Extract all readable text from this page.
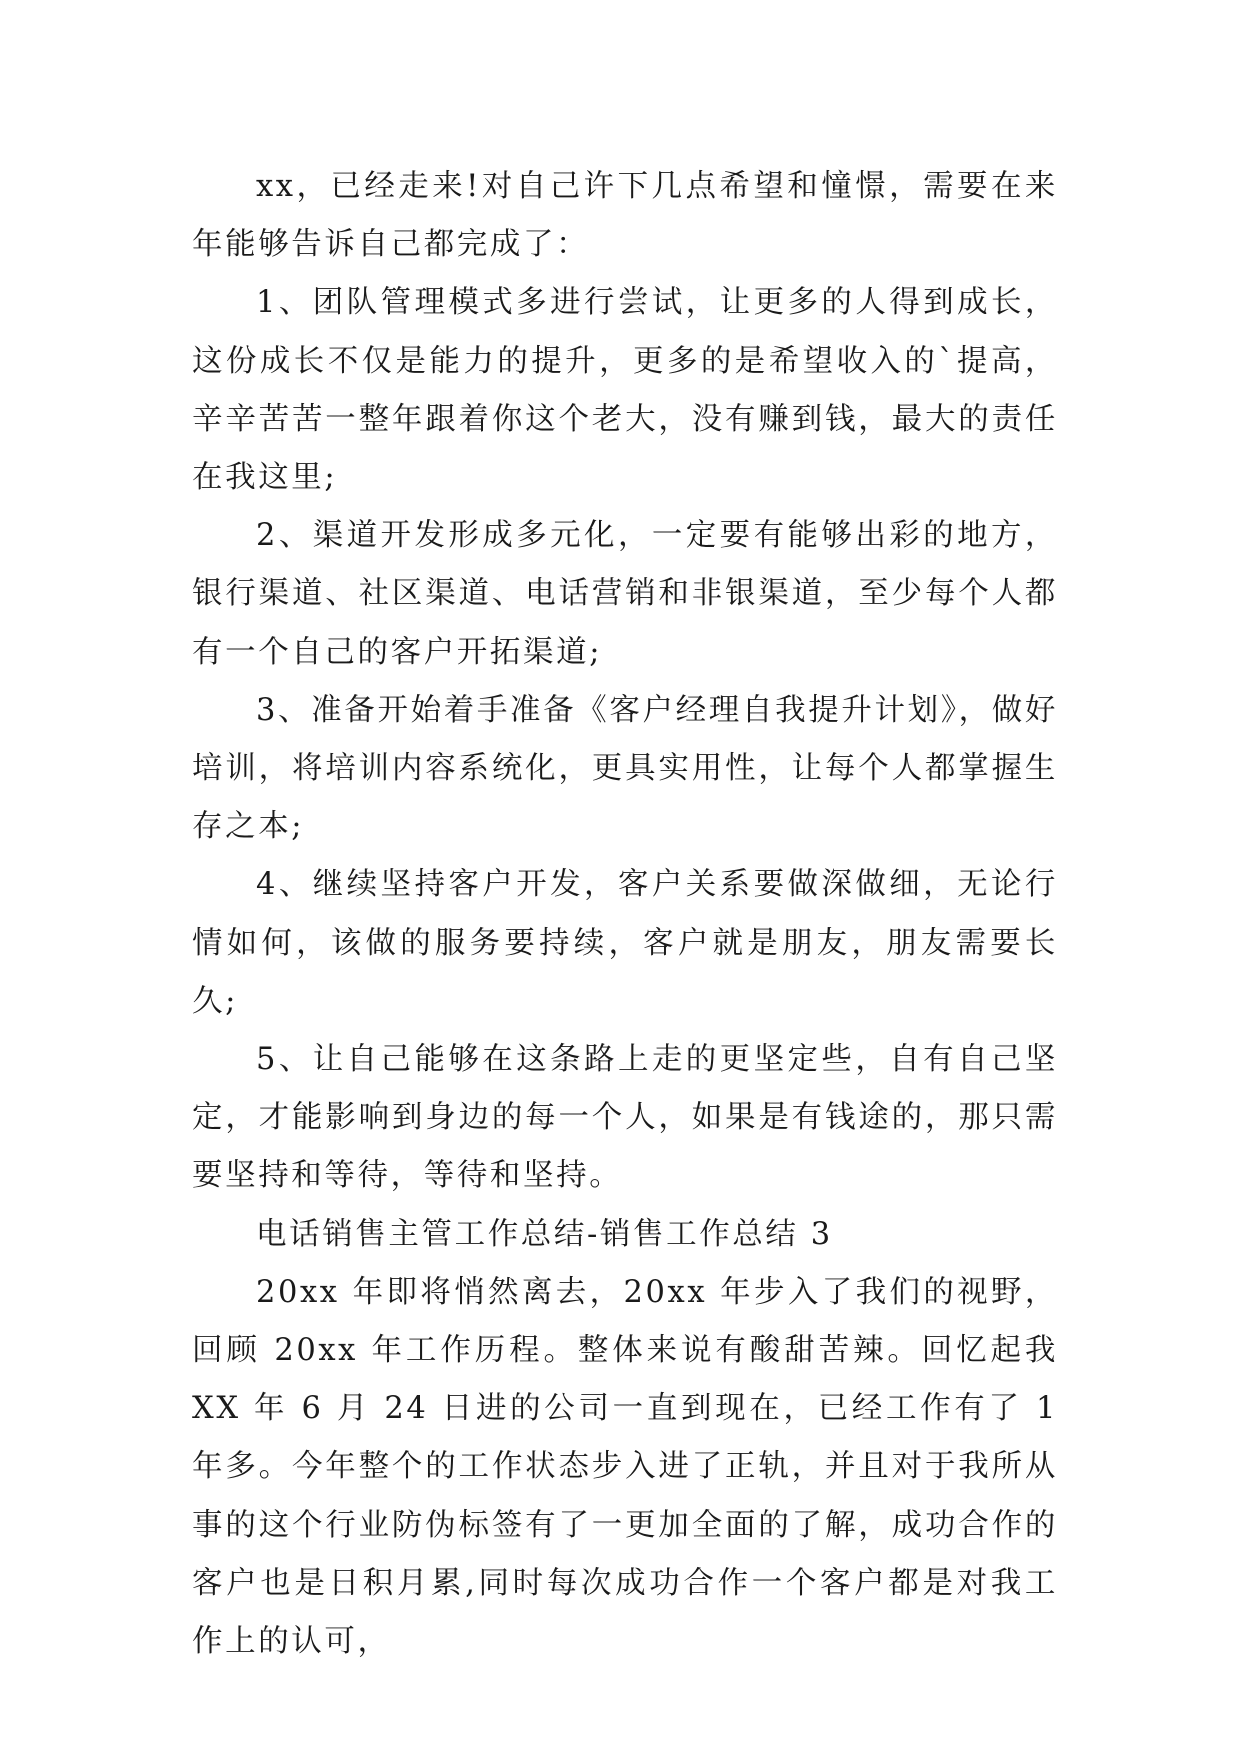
xx，已经走来!对自己许下几点希望和憧憬，需要在来年能够告诉自己都完成了：

1、团队管理模式多进行尝试，让更多的人得到成长，这份成长不仅是能力的提升，更多的是希望收入的`提高，辛辛苦苦一整年跟着你这个老大，没有赚到钱，最大的责任在我这里;

2、渠道开发形成多元化，一定要有能够出彩的地方，银行渠道、社区渠道、电话营销和非银渠道，至少每个人都有一个自己的客户开拓渠道;

3、准备开始着手准备《客户经理自我提升计划》，做好培训，将培训内容系统化，更具实用性，让每个人都掌握生存之本;

4、继续坚持客户开发，客户关系要做深做细，无论行情如何，该做的服务要持续，客户就是朋友，朋友需要长久;

5、让自己能够在这条路上走的更坚定些，自有自己坚定，才能影响到身边的每一个人，如果是有钱途的，那只需要坚持和等待，等待和坚持。

电话销售主管工作总结-销售工作总结 3

20xx 年即将悄然离去，20xx 年步入了我们的视野，回顾 20xx 年工作历程。整体来说有酸甜苦辣。回忆起我 XX 年 6 月 24 日进的公司一直到现在，已经工作有了 1 年多。今年整个的工作状态步入进了正轨，并且对于我所从事的这个行业防伪标签有了一更加全面的了解，成功合作的客户也是日积月累,同时每次成功合作一个客户都是对我工作上的认可，
